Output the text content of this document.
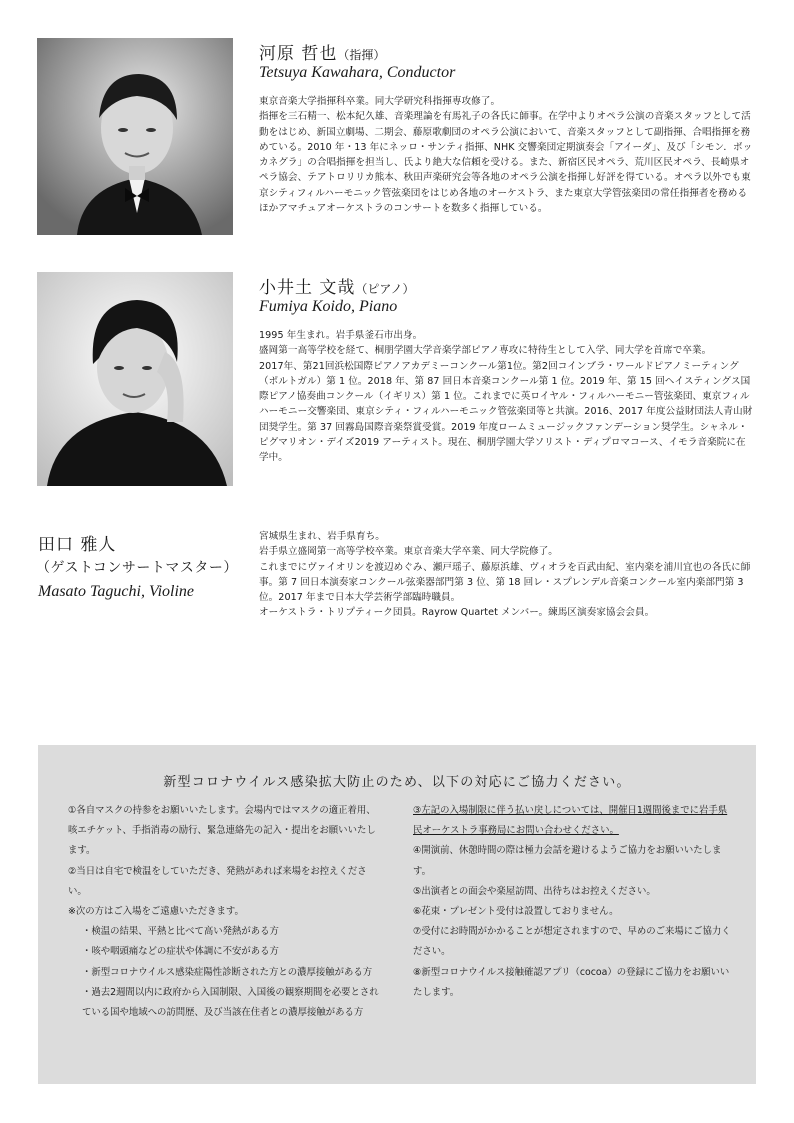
河原 哲也（指揮）
Tetsuya Kawahara, Conductor

東京音楽大学指揮科卒業。同大学研究科指揮専攻修了。

指揮を三石精一、松本紀久雄、音楽理論を有馬礼子の各氏に師事。在学中よりオペラ公演の音楽スタッフとして活動をはじめ、新国立劇場、二期会、藤原歌劇団のオペラ公演において、音楽スタッフとして副指揮、合唱指揮を務めている。2010 年・13 年にネッロ・サンティ指揮、NHK 交響楽団定期演奏会「アイーダ」、及び「シモン．ボッカネグラ」の合唱指揮を担当し、氏より絶大な信頼を受ける。また、新宿区民オペラ、荒川区民オペラ、長崎県オペラ協会、テアトロリリカ熊本、秋田声楽研究会等各地のオペラ公演を指揮し好評を得ている。オペラ以外でも東京シティフィルハーモニック管弦楽団をはじめ各地のオーケストラ、また東京大学管弦楽団の常任指揮者を務めるほかアマチュアオーケストラのコンサートを数多く指揮している。

小井土 文哉（ピアノ）
Fumiya Koido, Piano

1995 年生まれ。岩手県釜石市出身。

盛岡第一高等学校を経て、桐朋学園大学音楽学部ピアノ専攻に特待生として入学、同大学を首席で卒業。

2017年、第21回浜松国際ピアノアカデミーコンクール第1位。第2回コインブラ・ワールドピアノミーティング（ポルトガル）第 1 位。2018 年、第 87 回日本音楽コンクール第 1 位。2019 年、第 15 回ヘイスティングス国際ピアノ協奏曲コンクール（イギリス）第 1 位。これまでに英ロイヤル・フィルハーモニー管弦楽団、東京フィルハーモニー交響楽団、東京シティ・フィルハーモニック管弦楽団等と共演。2016、2017 年度公益財団法人青山財団奨学生。第 37 回霧島国際音楽祭賞受賞。2019 年度ロームミュージックファンデーション奨学生。シャネル・ピグマリオン・デイズ2019 アーティスト。現在、桐朋学園大学ソリスト・ディプロマコース、イモラ音楽院に在学中。

田口 雅人
（ゲストコンサートマスター）
Masato Taguchi, Violine

宮城県生まれ、岩手県育ち。

岩手県立盛岡第一高等学校卒業。東京音楽大学卒業、同大学院修了。

これまでにヴァイオリンを渡辺めぐみ、瀬戸瑶子、藤原浜雄、ヴィオラを百武由紀、室内楽を浦川宜也の各氏に師事。第 7 回日本演奏家コンクール弦楽器部門第 3 位、第 18 回レ・スプレンデル音楽コンクール室内楽部門第 3 位。2017 年まで日本大学芸術学部臨時職員。

オーケストラ・トリプティーク団員。Rayrow Quartet メンバー。練馬区演奏家協会会員。

新型コロナウイルス感染拡大防止のため、以下の対応にご協力ください。

①各自マスクの持参をお願いいたします。会場内ではマスクの適正着用、咳エチケット、手指消毒の励行、緊急連絡先の記入・提出をお願いいたします。

②当日は自宅で検温をしていただき、発熱があれば来場をお控えください。

※次の方はご入場をご遠慮いただきます。

・検温の結果、平熱と比べて高い発熱がある方

・咳や咽頭痛などの症状や体調に不安がある方

・新型コロナウイルス感染症陽性診断された方との濃厚接触がある方

・過去2週間以内に政府から入国制限、入国後の観察期間を必要とされている国や地域への訪問歴、及び当該在住者との濃厚接触がある方

③左記の入場制限に伴う払い戻しについては、開催日1週間後までに岩手県民オーケストラ事務局にお問い合わせください。

④開演前、休憩時間の際は極力会話を避けるようご協力をお願いいたします。

⑤出演者との面会や楽屋訪問、出待ちはお控えください。

⑥花束・プレゼント受付は設置しておりません。

⑦受付にお時間がかかることが想定されますので、早めのご来場にご協力ください。

⑧新型コロナウイルス接触確認アプリ（cocoa）の登録にご協力をお願いいたします。
